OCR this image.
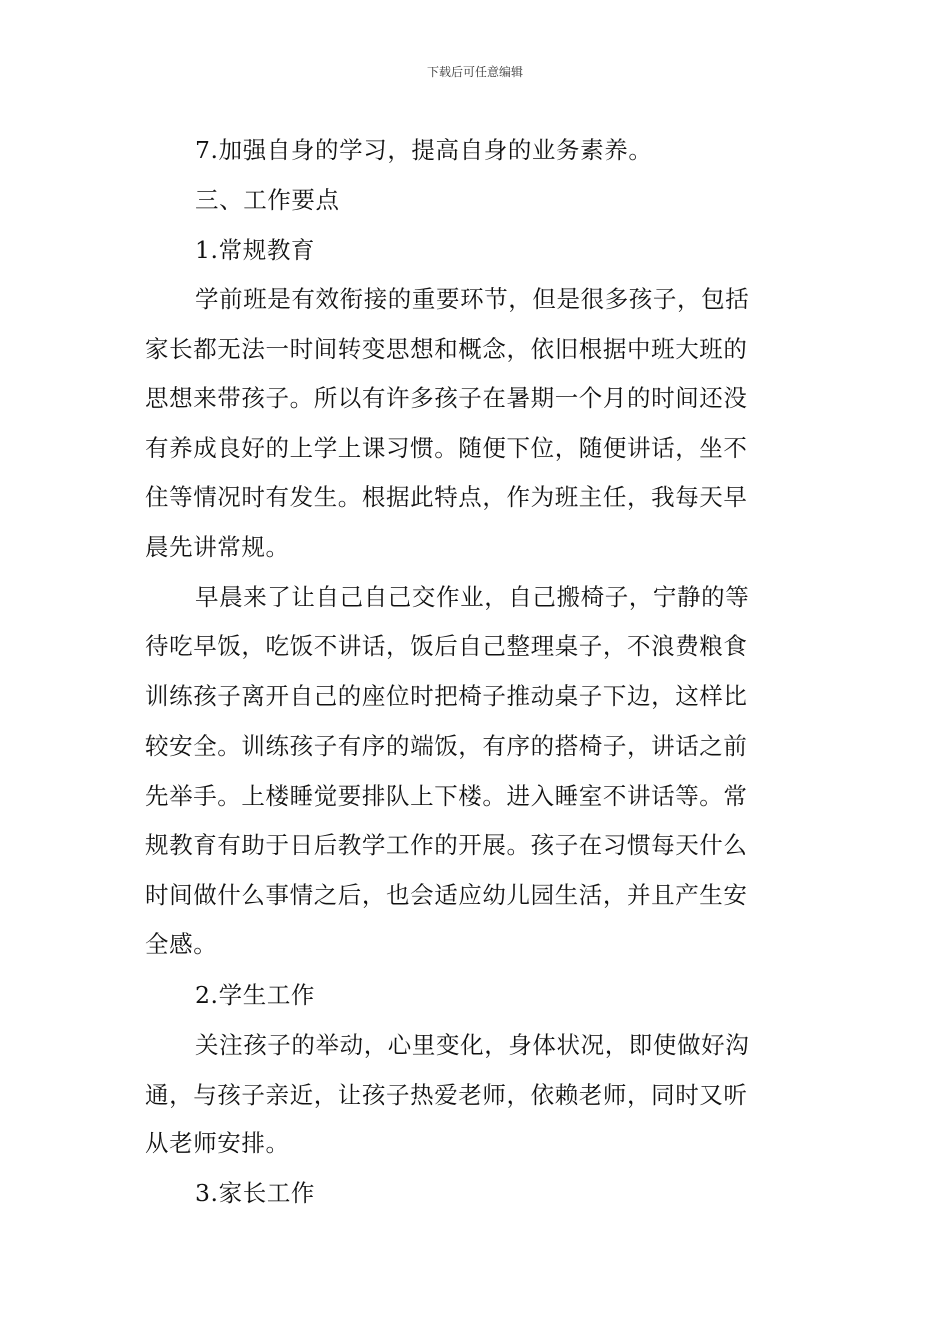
下载后可任意编辑
7.加强自身的学习，提高自身的业务素养。
三、工作要点
1.常规教育
学前班是有效衔接的重要环节，但是很多孩子，包括
家长都无法一时间转变思想和概念，依旧根据中班大班的
思想来带孩子。所以有许多孩子在暑期一个月的时间还没
有养成良好的上学上课习惯。随便下位，随便讲话，坐不
住等情况时有发生。根据此特点，作为班主任，我每天早
晨先讲常规。
早晨来了让自己自己交作业，自己搬椅子，宁静的等
待吃早饭，吃饭不讲话，饭后自己整理桌子，不浪费粮食
训练孩子离开自己的座位时把椅子推动桌子下边，这样比
较安全。训练孩子有序的端饭，有序的搭椅子，讲话之前
先举手。上楼睡觉要排队上下楼。进入睡室不讲话等。常
规教育有助于日后教学工作的开展。孩子在习惯每天什么
时间做什么事情之后，也会适应幼儿园生活，并且产生安
全感。
2.学生工作
关注孩子的举动，心里变化，身体状况，即使做好沟
通，与孩子亲近，让孩子热爱老师，依赖老师，同时又听
从老师安排。
3.家长工作
